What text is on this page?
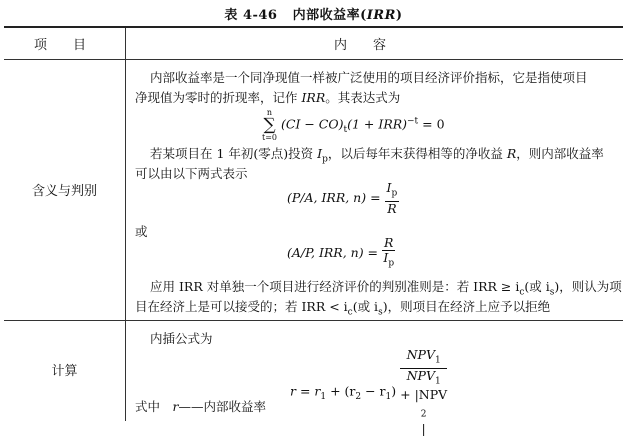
表 4-46 内部收益率(IRR)
项　　目	内　　容
含义与判别
内部收益率是一个同净现值一样被广泛使用的项目经济评价指标，它是指使项目
净现值为零时的折现率，记作 IRR。其表达式为
n
∑
t=0
$(CI - CO)_t(1 + IRR)^{-t} = 0$
若某项目在 1 年初(零点)投资 $I_p$，以后每年末获得相等的净收益 R，则内部收益率
可以由以下两式表示
(P/A, IRR, $n) = \frac{I_p}{R}$
或
(A/P, IRR, $n) = \frac{R}{I_p}$
应用 IRR 对单独一个项目进行经济评价的判别准则是：若 IRR ≥ $i_c$(或 $i_s$)，则认为项
目在经济上是可以接受的；若 IRR < $i_c$(或 $i_s$)，则项目在经济上应予以拒绝
计算
内插公式为
$r = r_1 + (r_2 - r_1)$ $NPV_1$
$NPV_1$
+ |NPV
$_2$
|
式中　r——内部收益率
